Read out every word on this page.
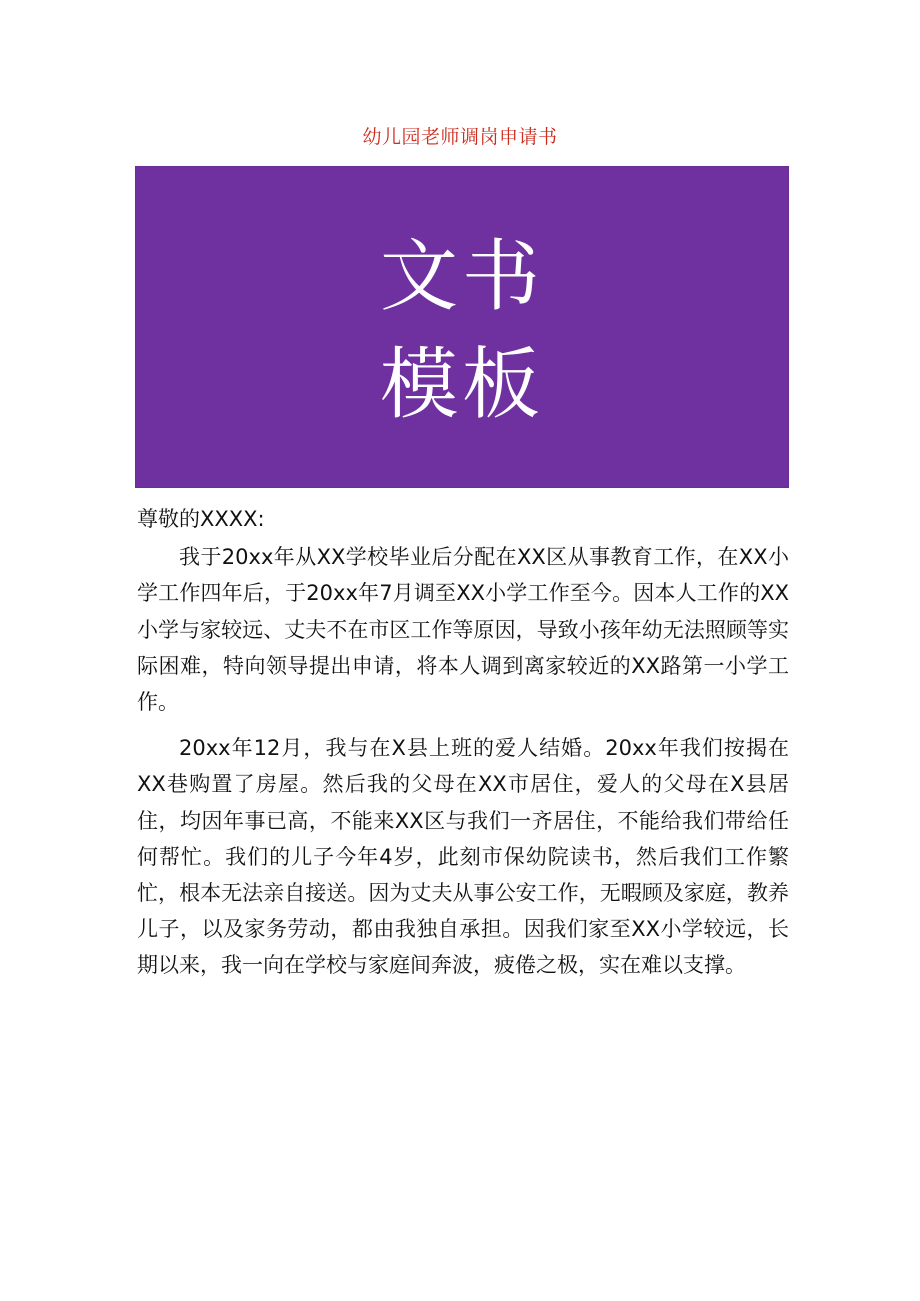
幼儿园老师调岗申请书
文书
模板

尊敬的XXXX:

我于20xx年从XX学校毕业后分配在XX区从事教育工作，在XX小学工作四年后，于20xx年7月调至XX小学工作至今。因本人工作的XX小学与家较远、丈夫不在市区工作等原因，导致小孩年幼无法照顾等实际困难，特向领导提出申请，将本人调到离家较近的XX路第一小学工作。

20xx年12月，我与在X县上班的爱人结婚。20xx年我们按揭在XX巷购置了房屋。然后我的父母在XX市居住，爱人的父母在X县居住，均因年事已高，不能来XX区与我们一齐居住，不能给我们带给任何帮忙。我们的儿子今年4岁，此刻市保幼院读书，然后我们工作繁忙，根本无法亲自接送。因为丈夫从事公安工作，无暇顾及家庭，教养儿子，以及家务劳动，都由我独自承担。因我们家至XX小学较远，长期以来，我一向在学校与家庭间奔波，疲倦之极，实在难以支撑。
